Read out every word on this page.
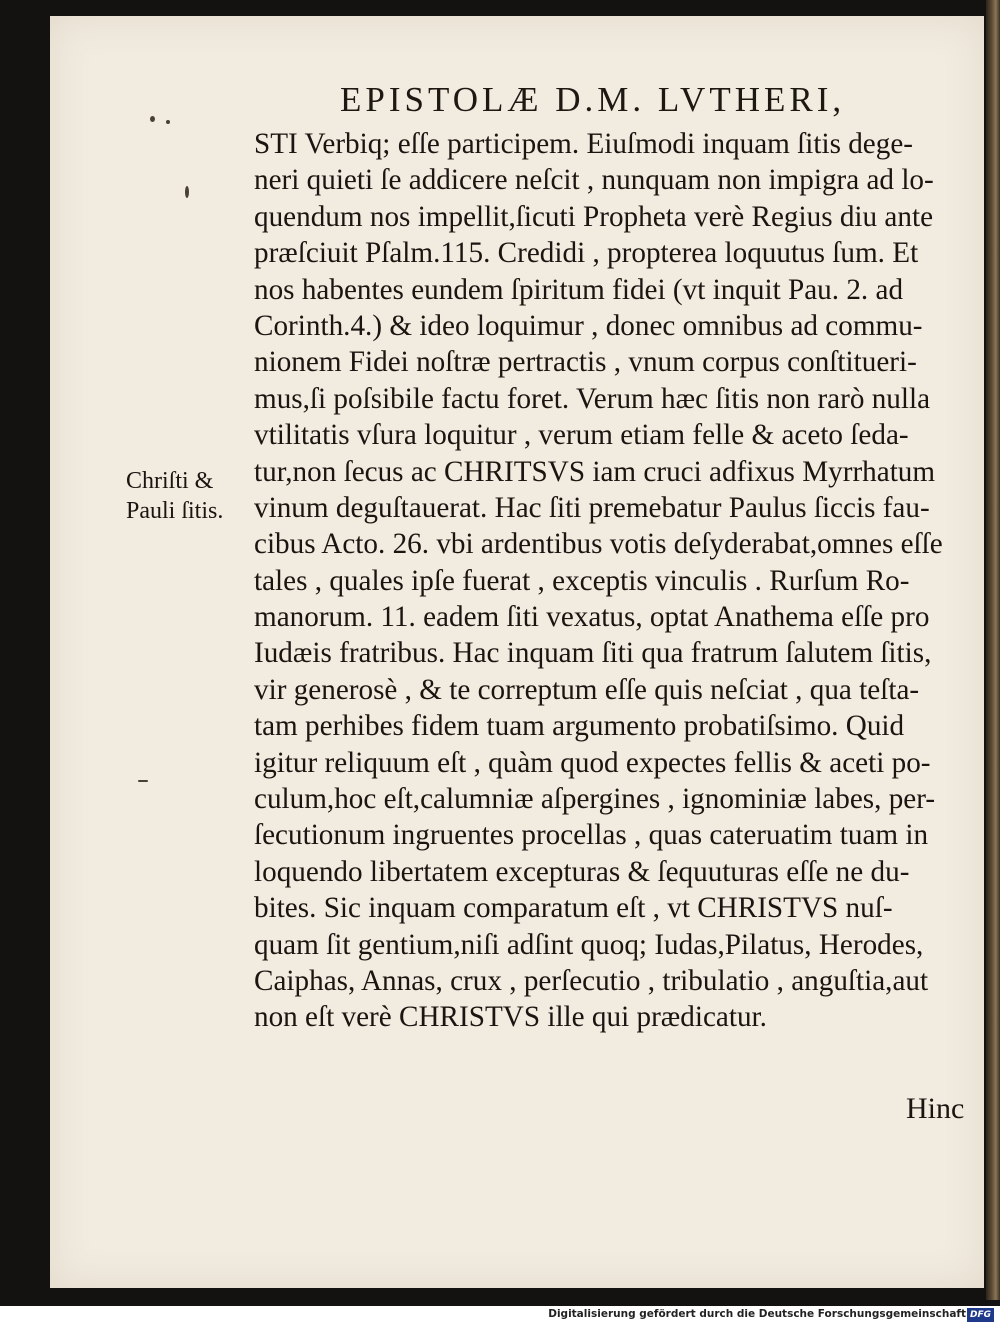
EPISTOLÆ D.M. LVTHERI,
STI Verbiq; eſſe participem. Eiuſmodi inquam ſitis dege-
neri quieti ſe addicere neſcit , nunquam non impigra ad lo-
quendum nos impellit,ſicuti Propheta verè Regius diu ante
præſciuit Pſalm.115. Credidi , propterea loquutus ſum. Et
nos habentes eundem ſpiritum fidei (vt inquit Pau. 2. ad
Corinth.4.) & ideo loquimur , donec omnibus ad commu-
nionem Fidei noſtræ pertractis , vnum corpus conſtitueri-
mus,ſi poſsibile factu foret. Verum hæc ſitis non rarò nulla
vtilitatis vſura loquitur , verum etiam felle & aceto ſeda-
tur,non ſecus ac CHRITSVS iam cruci adfixus Myrrhatum
vinum deguſtauerat. Hac ſiti premebatur Paulus ſiccis fau-
cibus Acto. 26. vbi ardentibus votis deſyderabat,omnes eſſe
tales , quales ipſe fuerat , exceptis vinculis . Rurſum Ro-
manorum. 11. eadem ſiti vexatus, optat Anathema eſſe pro
Iudæis fratribus. Hac inquam ſiti qua fratrum ſalutem ſitis,
vir generosè , & te correptum eſſe quis neſciat , qua teſta-
tam perhibes fidem tuam argumento probatiſsimo. Quid
igitur reliquum eſt , quàm quod expectes fellis & aceti po-
culum,hoc eſt,calumniæ aſpergines , ignominiæ labes, per-
ſecutionum ingruentes procellas , quas cateruatim tuam in
loquendo libertatem excepturas & ſequuturas eſſe ne du-
bites. Sic inquam comparatum eſt , vt CHRISTVS nuſ-
quam ſit gentium,niſi adſint quoq; Iudas,Pilatus, Herodes,
Caiphas, Annas, crux , perſecutio , tribulatio , anguſtia,aut
non eſt verè CHRISTVS ille qui prædicatur.
Chriſti &
Pauli ſitis.
Hinc
Digitalisierung gefördert durch die Deutsche Forschungsgemeinschaft DFG
